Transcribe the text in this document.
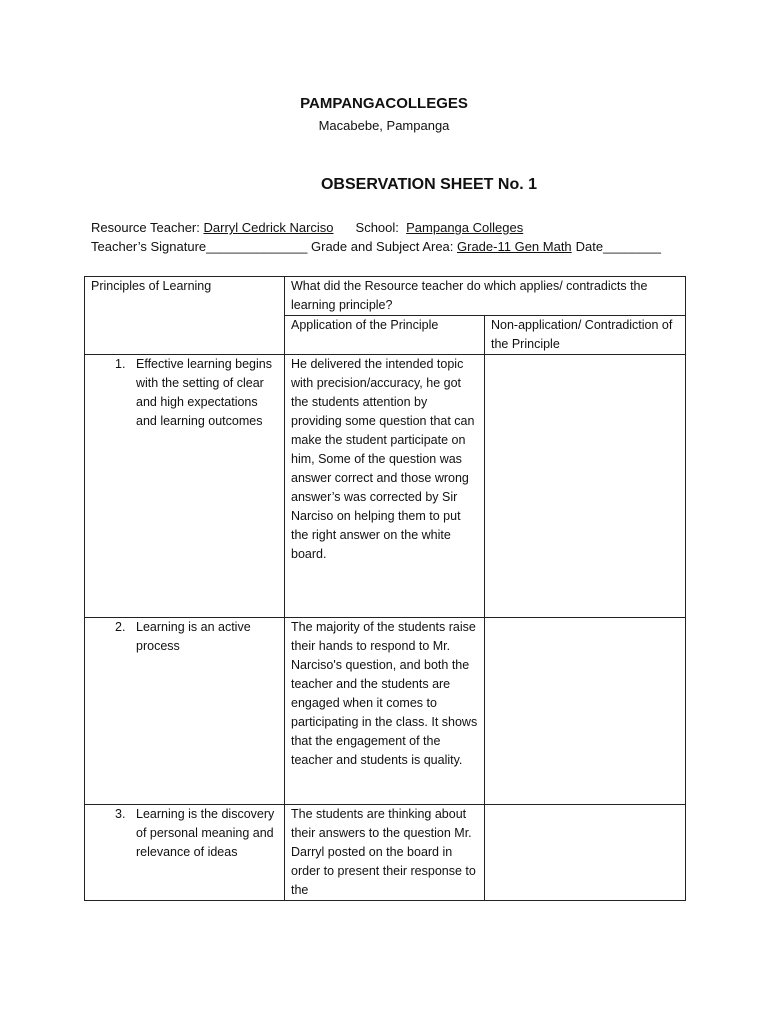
PAMPANGACOLLEGES
Macabebe, Pampanga
OBSERVATION SHEET No. 1
Resource Teacher: Darryl Cedrick Narciso School: Pampanga Colleges
Teacher’s Signature______________ Grade and Subject Area: Grade-11 Gen Math Date________
Principles of Learning	What did the Resource teacher do which applies/ contradicts the learning principle?	
	Application of the Principle	Non-application/ Contradiction of the Principle

1. Effective learning begins with the setting of clear and high expectations and learning outcomes	He delivered the intended topic with precision/accuracy, he got the students attention by providing some question that can make the student participate on him, Some of the question was answer correct and those wrong answer’s was corrected by Sir Narciso on helping them to put the right answer on the white board.	

2. Learning is an active process	The majority of the students raise their hands to respond to Mr. Narciso's question, and both the teacher and the students are engaged when it comes to participating in the class. It shows that the engagement of the teacher and students is quality.	

3. Learning is the discovery of personal meaning and relevance of ideas	The students are thinking about their answers to the question Mr. Darryl posted on the board in order to present their response to the	
